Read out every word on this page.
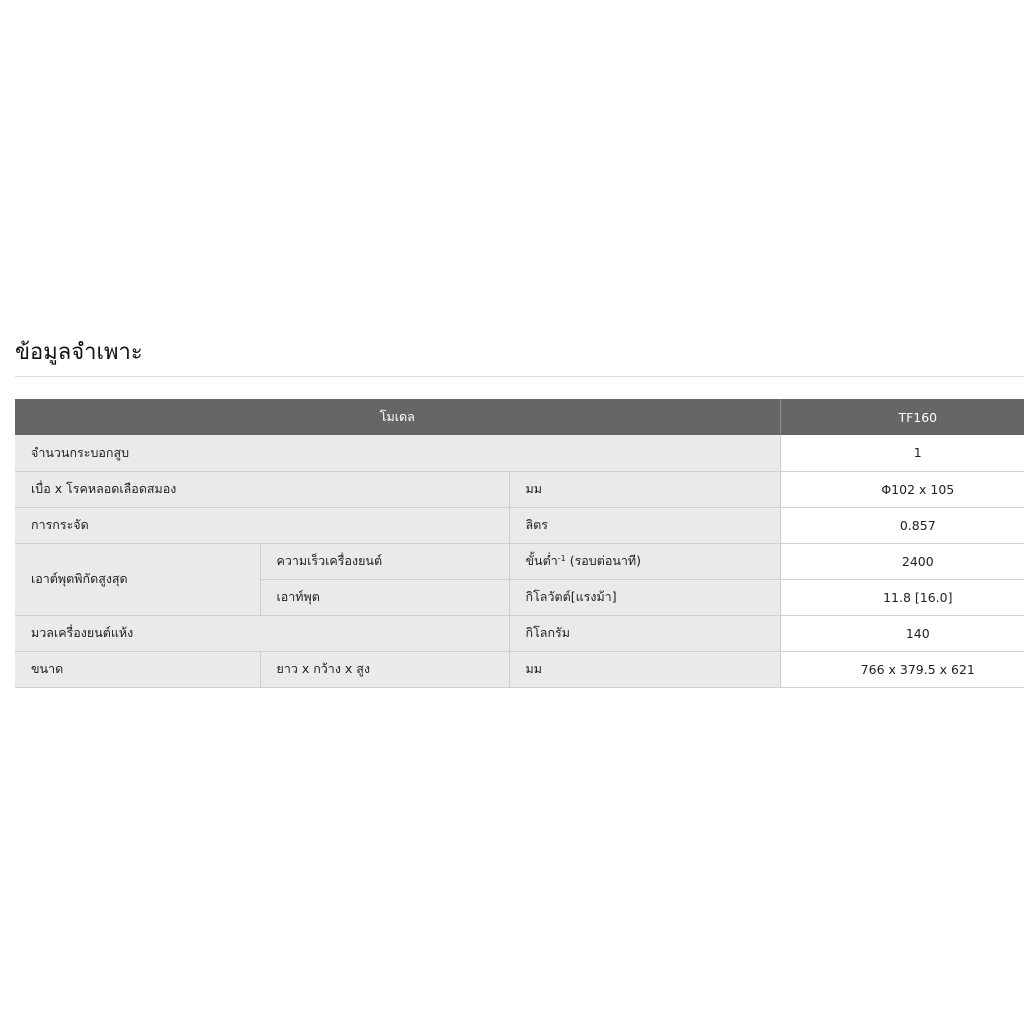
ข้อมูลจำเพาะ
โมเดล			TF160
จำนวนกระบอกสูบ			1
เบื่อ x โรคหลอดเลือดสมอง		มม	Φ102 x 105
การกระจัด		ลิตร	0.857
เอาต์พุตพิกัดสูงสุด	ความเร็วเครื่องยนต์	ขั้นต่ำ$^{-1}$ (รอบต่อนาที)	2400
	เอาท์พุต	กิโลวัตต์[แรงม้า]	11.8 [16.0]
มวลเครื่องยนต์แห้ง		กิโลกรัม	140
ขนาด	ยาว x กว้าง x สูง	มม	766 x 379.5 x 621
